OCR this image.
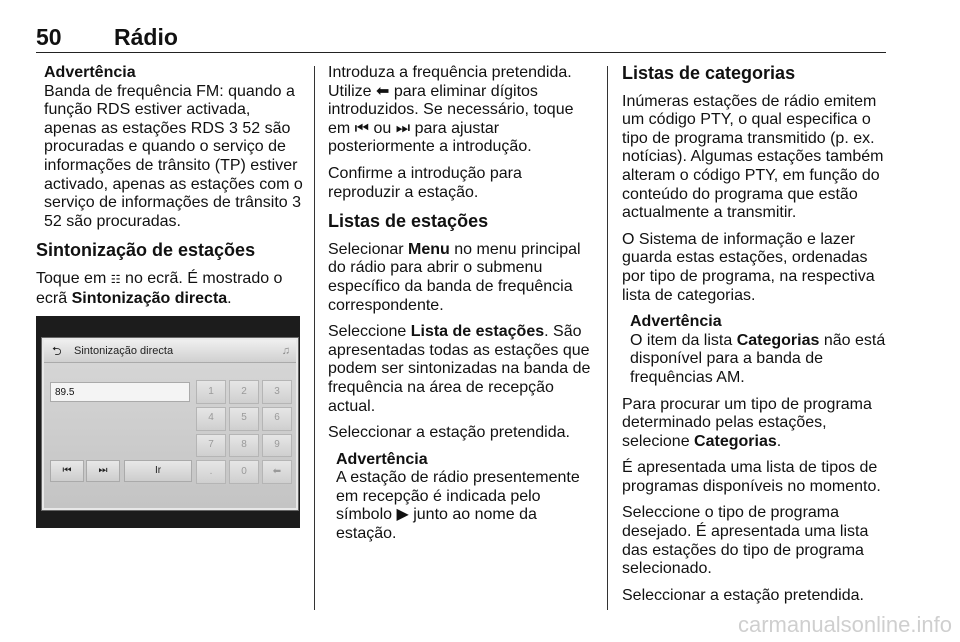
50 Rádio
Advertência
Banda de frequência FM: quando a função RDS estiver activada, apenas as estações RDS 3 52 são procuradas e quando o serviço de informações de trânsito (TP) estiver activado, apenas as estações com o serviço de informações de trânsito 3 52 são procuradas.
Sintonização de estações

Toque em ☷ no ecrã. É mostrado o ecrã Sintonização directa.

⮌ Sintonização directa	♫
89.5	1	2	3
4	5	6
7	8	9
.	0	⬅
⏮	⏭	Ir

Introduza a frequência pretendida. Utilize ⬅ para eliminar dígitos introduzidos. Se necessário, toque em ⏮ ou ⏭ para ajustar posteriormente a introdução.

Confirme a introdução para reproduzir a estação.

Listas de estações

Selecionar Menu no menu principal do rádio para abrir o submenu específico da banda de frequência correspondente.

Seleccione Lista de estações. São apresentadas todas as estações que podem ser sintonizadas na banda de frequência na área de recepção actual.

Seleccionar a estação pretendida.

Advertência
A estação de rádio presentemente em recepção é indicada pelo símbolo ▶ junto ao nome da estação.
Listas de categorias

Inúmeras estações de rádio emitem um código PTY, o qual especifica o tipo de programa transmitido (p. ex. notícias). Algumas estações também alteram o código PTY, em função do conteúdo do programa que estão actualmente a transmitir.

O Sistema de informação e lazer guarda estas estações, ordenadas por tipo de programa, na respectiva lista de categorias.

Advertência
O item da lista Categorias não está disponível para a banda de frequências AM.

Para procurar um tipo de programa determinado pelas estações, selecione Categorias.

É apresentada uma lista de tipos de programas disponíveis no momento.

Seleccione o tipo de programa desejado. É apresentada uma lista das estações do tipo de programa selecionado.

Seleccionar a estação pretendida.

carmanualsonline.info
